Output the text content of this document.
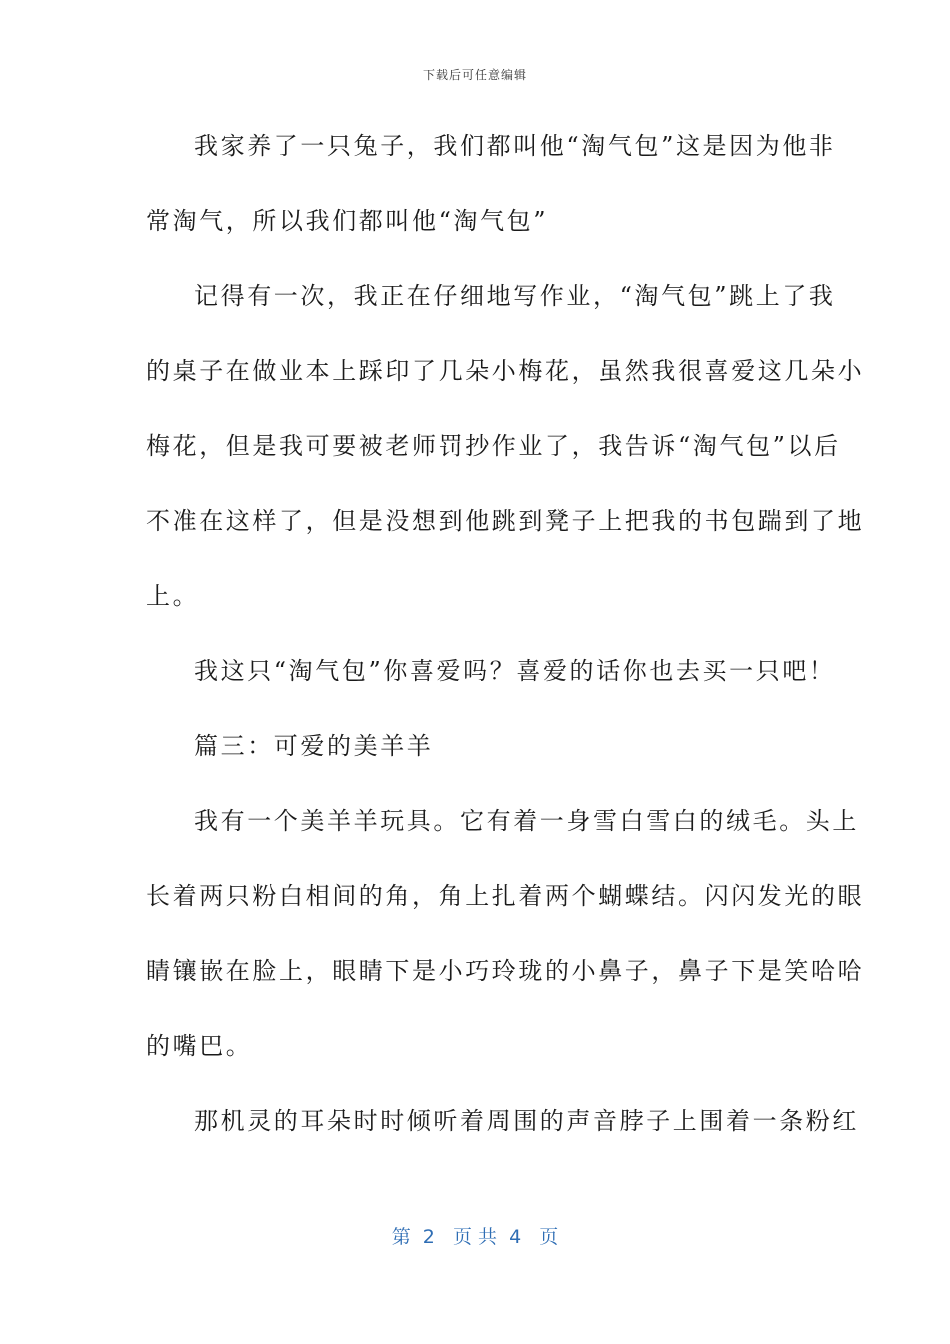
下载后可任意编辑
我家养了一只兔子，我们都叫他“淘气包”这是因为他非
常淘气，所以我们都叫他“淘气包”
记得有一次，我正在仔细地写作业，“淘气包”跳上了我
的桌子在做业本上踩印了几朵小梅花，虽然我很喜爱这几朵小
梅花，但是我可要被老师罚抄作业了，我告诉“淘气包”以后
不准在这样了，但是没想到他跳到凳子上把我的书包踹到了地
上。
我这只“淘气包”你喜爱吗？喜爱的话你也去买一只吧！
篇三：可爱的美羊羊
我有一个美羊羊玩具。它有着一身雪白雪白的绒毛。头上
长着两只粉白相间的角，角上扎着两个蝴蝶结。闪闪发光的眼
睛镶嵌在脸上，眼睛下是小巧玲珑的小鼻子，鼻子下是笑哈哈
的嘴巴。
那机灵的耳朵时时倾听着周围的声音脖子上围着一条粉红
第  2   页 共  4   页
